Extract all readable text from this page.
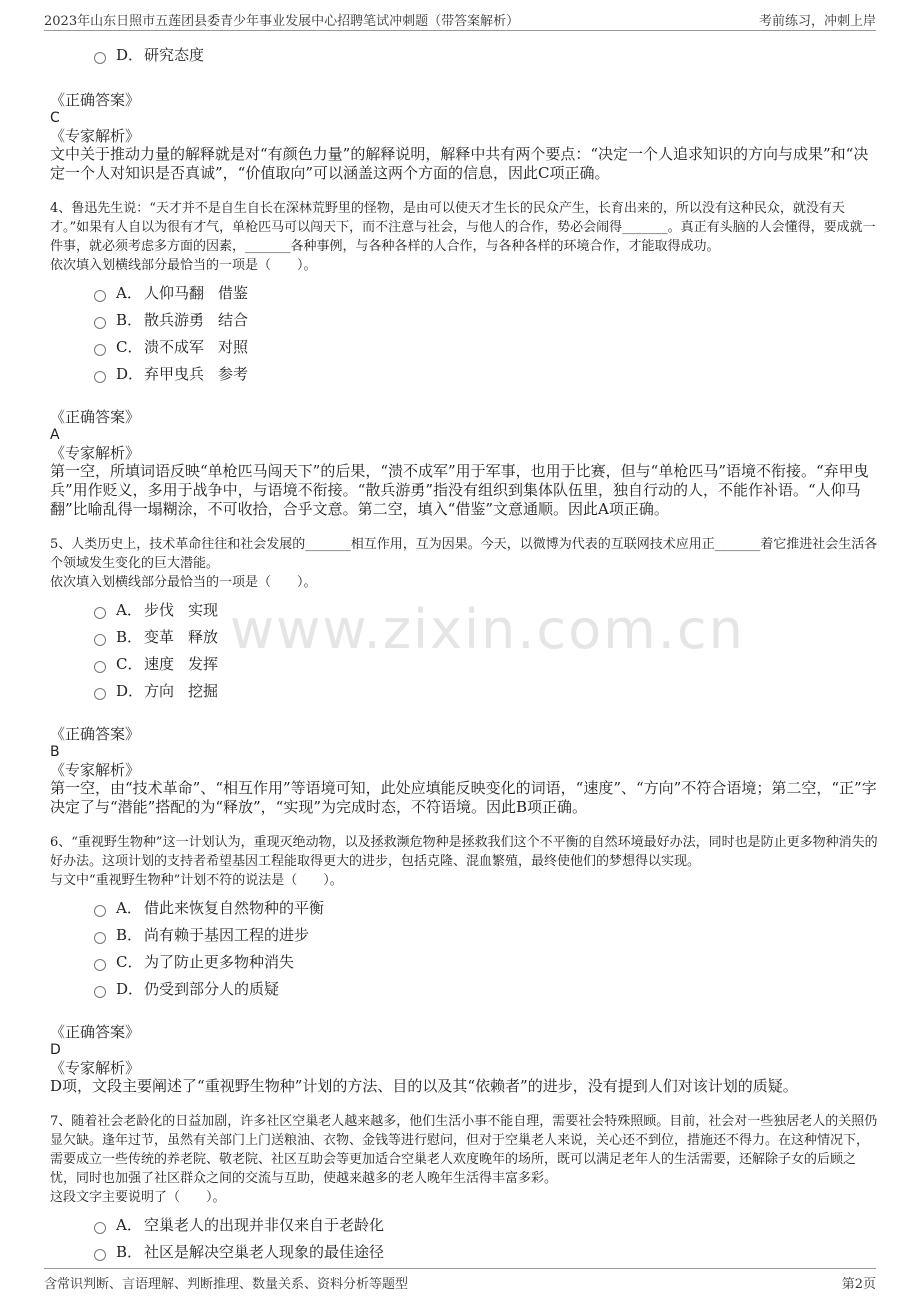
2023年山东日照市五莲团县委青少年事业发展中心招聘笔试冲刺题（带答案解析）	考前练习，冲刺上岸
www.zixin.com.cn
D．研究态度
《正确答案》
C
《专家解析》
文中关于推动力量的解释就是对“有颜色力量”的解释说明，解释中共有两个要点：“决定一个人追求知识的方向与成果”和“决定一个人对知识是否真诚”，“价值取向”可以涵盖这两个方面的信息，因此C项正确。

4、鲁迅先生说：“天才并不是自生自长在深林荒野里的怪物，是由可以使天才生长的民众产生，长育出来的，所以没有这种民众，就没有天才。”如果有人自以为很有才气，单枪匹马可以闯天下，而不注意与社会，与他人的合作，势必会闹得_______。真正有头脑的人会懂得，要成就一件事，就必须考虑多方面的因素，_______各种事例，与各种各样的人合作，与各种各样的环境合作，才能取得成功。

依次填入划横线部分最恰当的一项是（　　）。

A． 人仰马翻 借鉴
B． 散兵游勇 结合
C． 溃不成军 对照
D．弃甲曳兵 参考
《正确答案》
A
《专家解析》
第一空，所填词语反映“单枪匹马闯天下”的后果，“溃不成军”用于军事，也用于比赛，但与“单枪匹马”语境不衔接。“弃甲曳兵”用作贬义，多用于战争中，与语境不衔接。“散兵游勇”指没有组织到集体队伍里，独自行动的人，不能作补语。“人仰马翻”比喻乱得一塌糊涂，不可收拾，合乎文意。第二空，填入“借鉴”文意通顺。因此A项正确。

5、人类历史上，技术革命往往和社会发展的_______相互作用，互为因果。今天，以微博为代表的互联网技术应用正_______着它推进社会生活各个领域发生变化的巨大潜能。

依次填入划横线部分最恰当的一项是（　　）。

A． 步伐 实现
B． 变革 释放
C． 速度 发挥
D．方向 挖掘
《正确答案》
B
《专家解析》
第一空，由“技术革命”、“相互作用”等语境可知，此处应填能反映变化的词语，“速度”、“方向”不符合语境；第二空，“正”字决定了与“潜能”搭配的为“释放”，“实现”为完成时态，不符语境。因此B项正确。

6、“重视野生物种”这一计划认为，重现灭绝动物，以及拯救濒危物种是拯救我们这个不平衡的自然环境最好办法，同时也是防止更多物种消失的好办法。这项计划的支持者希望基因工程能取得更大的进步，包括克隆、混血繁殖，最终使他们的梦想得以实现。

与文中“重视野生物种”计划不符的说法是（　　）。

A． 借此来恢复自然物种的平衡
B． 尚有赖于基因工程的进步
C． 为了防止更多物种消失
D．仍受到部分人的质疑
《正确答案》
D
《专家解析》
D项，文段主要阐述了“重视野生物种”计划的方法、目的以及其“依赖者”的进步，没有提到人们对该计划的质疑。

7、随着社会老龄化的日益加剧，许多社区空巢老人越来越多，他们生活小事不能自理，需要社会特殊照顾。目前，社会对一些独居老人的关照仍显欠缺。逢年过节，虽然有关部门上门送粮油、衣物、金钱等进行慰问，但对于空巢老人来说，关心还不到位，措施还不得力。在这种情况下，需要成立一些传统的养老院、敬老院、社区互助会等更加适合空巢老人欢度晚年的场所，既可以满足老年人的生活需要，还解除子女的后顾之忧，同时也加强了社区群众之间的交流与互助，使越来越多的老人晚年生活得丰富多彩。

这段文字主要说明了（　　）。

A． 空巢老人的出现并非仅来自于老龄化
B． 社区是解决空巢老人现象的最佳途径
含常识判断、言语理解、判断推理、数量关系、资料分析等题型	第2页
